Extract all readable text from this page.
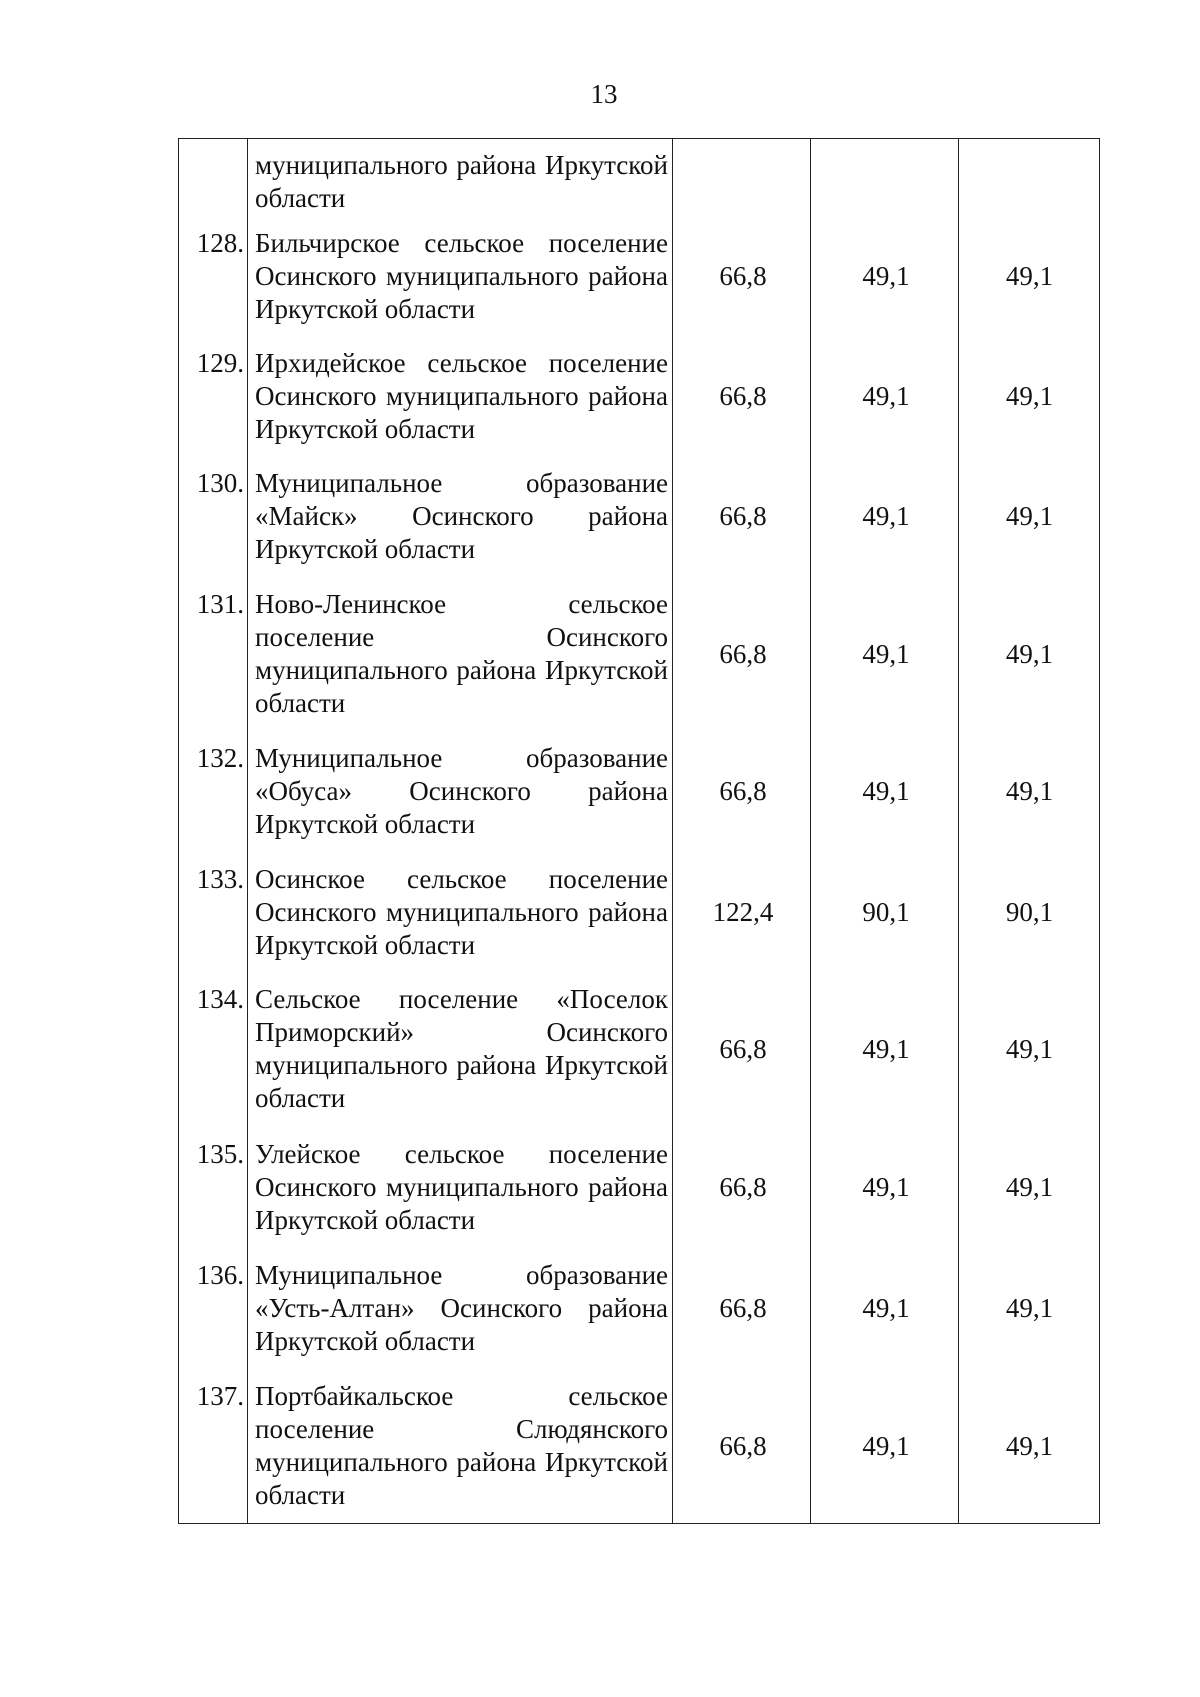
13
муниципального района Иркутской области
128. Бильчирское сельское поселение Осинского муниципального района Иркутской области
66,8	49,1	49,1
129. Ирхидейское сельское поселение Осинского муниципального района Иркутской области
66,8	49,1	49,1
130. Муниципальное образование «Майск» Осинского района Иркутской области
66,8	49,1	49,1
131. Ново-Ленинское сельское поселение Осинского муниципального района Иркутской области
66,8	49,1	49,1
132. Муниципальное образование «Обуса» Осинского района Иркутской области
66,8	49,1	49,1
133. Осинское сельское поселение Осинского муниципального района Иркутской области
122,4	90,1	90,1
134. Сельское поселение «Поселок Приморский» Осинского муниципального района Иркутской области
66,8	49,1	49,1
135. Улейское сельское поселение Осинского муниципального района Иркутской области
66,8	49,1	49,1
136. Муниципальное образование «Усть-Алтан» Осинского района Иркутской области
66,8	49,1	49,1
137. Портбайкальское сельское поселение Слюдянского муниципального района Иркутской области
66,8	49,1	49,1
